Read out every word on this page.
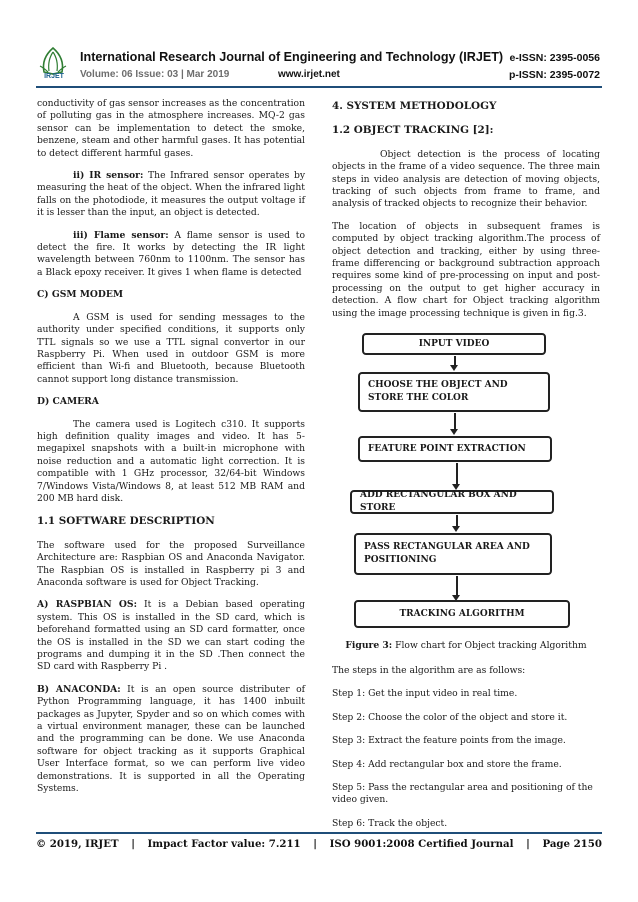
IRJET
International Research Journal of Engineering and Technology (IRJET) e-ISSN: 2395-0056
Volume: 06 Issue: 03 | Mar 2019	www.irjet.net	p-ISSN: 2395-0072

conductivity of gas sensor increases as the concentration of polluting gas in the atmosphere increases. MQ-2 gas sensor can be implementation to detect the smoke, benzene, steam and other harmful gases. It has potential to detect different harmful gases.

ii) IR sensor: The Infrared sensor operates by measuring the heat of the object. When the infrared light falls on the photodiode, it measures the output voltage if it is lesser than the input, an object is detected.

iii) Flame sensor: A flame sensor is used to detect the fire. It works by detecting the IR light wavelength between 760nm to 1100nm. The sensor has a Black epoxy receiver. It gives 1 when flame is detected

C) GSM MODEM

A GSM is used for sending messages to the authority under specified conditions, it supports only TTL signals so we use a TTL signal convertor in our Raspberry Pi. When used in outdoor GSM is more efficient than Wi-fi and Bluetooth, because Bluetooth cannot support long distance transmission.

D) CAMERA

The camera used is Logitech c310. It supports high definition quality images and video. It has 5-megapixel snapshots with a built-in microphone with noise reduction and a automatic light correction. It is compatible with 1 GHz processor, 32/64-bit Windows 7/Windows Vista/Windows 8, at least 512 MB RAM and 200 MB hard disk.

1.1 SOFTWARE DESCRIPTION

The software used for the proposed Surveillance Architecture are: Raspbian OS and Anaconda Navigator. The Raspbian OS is installed in Raspberry pi 3 and Anaconda software is used for Object Tracking.

A) RASPBIAN OS: It is a Debian based operating system. This OS is installed in the SD card, which is beforehand formatted using an SD card formatter, once the OS is installed in the SD we can start coding the programs and dumping it in the SD .Then connect the SD card with Raspberry Pi .

B) ANACONDA: It is an open source distributer of Python Programming language, it has 1400 inbuilt packages as Jupyter, Spyder and so on which comes with a virtual environment manager, these can be launched and the programming can be done. We use Anaconda software for object tracking as it supports Graphical User Interface format, so we can perform live video demonstrations. It is supported in all the Operating Systems.

4. SYSTEM METHODOLOGY

1.2 OBJECT TRACKING [2]:

Object detection is the process of locating objects in the frame of a video sequence. The three main steps in video analysis are detection of moving objects, tracking of such objects from frame to frame, and analysis of tracked objects to recognize their behavior.

The location of objects in subsequent frames is computed by object tracking algorithm.The process of object detection and tracking, either by using three-frame differencing or background subtraction approach requires some kind of pre-processing on input and post- processing on the output to get higher accuracy in detection. A flow chart for Object tracking algorithm using the image processing technique is given in fig.3.

INPUT VIDEO
CHOOSE THE OBJECT AND STORE THE COLOR
FEATURE POINT EXTRACTION
ADD RECTANGULAR BOX AND STORE
PASS RECTANGULAR AREA AND POSITIONING
TRACKING ALGORITHM
Figure 3: Flow chart for Object tracking Algorithm

The steps in the algorithm are as follows:

Step 1: Get the input video in real time.

Step 2: Choose the color of the object and store it.

Step 3: Extract the feature points from the image.

Step 4: Add rectangular box and store the frame.

Step 5: Pass the rectangular area and positioning of the video given.

Step 6: Track the object.

© 2019, IRJET | Impact Factor value: 7.211 | ISO 9001:2008 Certified Journal | Page 2150
